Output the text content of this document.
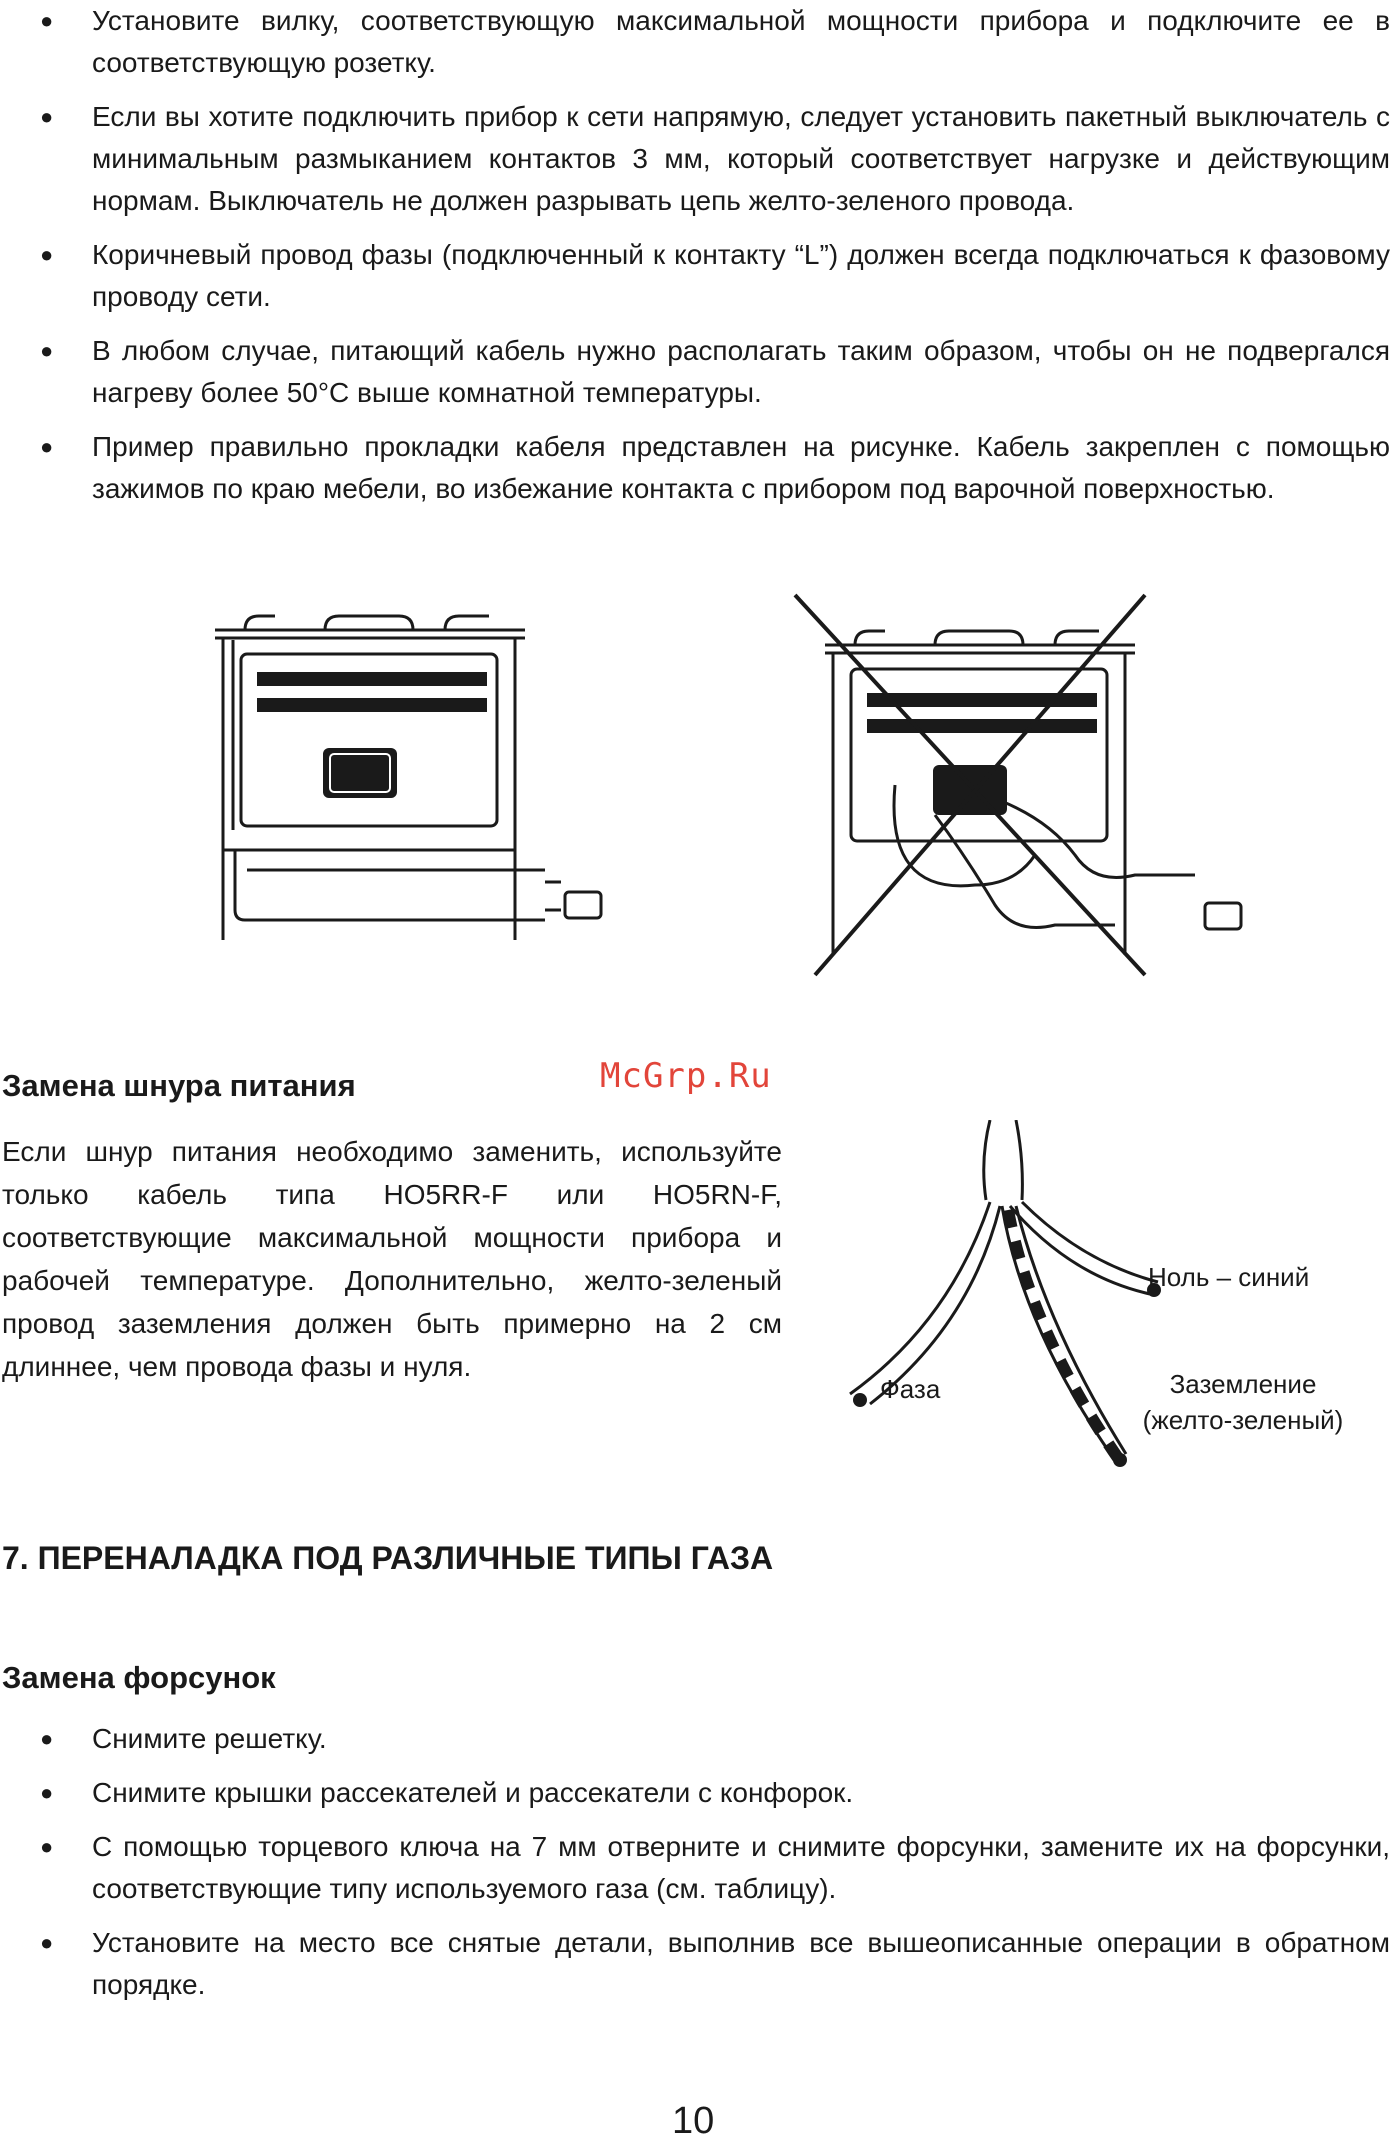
● Установите вилку, соответствующую максимальной мощности прибора и подключите ее в соответствующую розетку.
● Если вы хотите подключить прибор к сети напрямую, следует установить пакетный выключатель с минимальным размыканием контактов 3 мм, который соответствует нагрузке и действующим нормам. Выключатель не должен разрывать цепь желто-зеленого провода.
● Коричневый провод фазы (подключенный к контакту “L”) должен всегда подключаться к фазовому проводу сети.
● В любом случае, питающий кабель нужно располагать таким образом, чтобы он не подвергался нагреву более 50°С выше комнатной температуры.
● Пример правильно прокладки кабеля представлен на рисунке. Кабель закреплен с помощью зажимов по краю мебели, во избежание контакта с прибором под варочной поверхностью.
Замена шнура питания	McGrp.Ru

Если шнур питания необходимо заменить, используйте только кабель типа HO5RR-F или HO5RN-F, соответствующие максимальной мощности прибора и рабочей температуре. Дополнительно, желто-зеленый провод заземления должен быть примерно на 2 см длиннее, чем провода фазы и нуля.

Ноль – синий
Фаза	Заземление
(желто-зеленый)
7. ПЕРЕНАЛАДКА ПОД РАЗЛИЧНЫЕ ТИПЫ ГАЗА
Замена форсунок
● Снимите решетку.
● Снимите крышки рассекателей и рассекатели с конфорок.
● С помощью торцевого ключа на 7 мм отверните и снимите форсунки, замените их на форсунки, соответствующие типу используемого газа (см. таблицу).
● Установите на место все снятые детали, выполнив все вышеописанные операции в обратном порядке.
10
